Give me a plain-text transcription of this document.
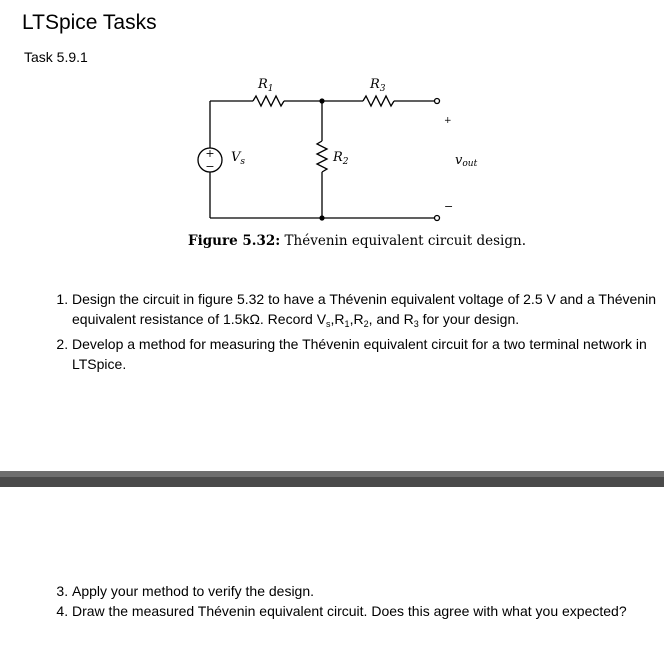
LTSpice Tasks
Task 5.9.1
+
−
$R_1$	$R_3$
$R_2$
$V_s$	vout
+
−
Figure 5.32: Thévenin equivalent circuit design.
1. Design the circuit in figure 5.32 to have a Thévenin equivalent voltage of 2.5 V and a Thévenin equivalent resistance of 1.5kΩ. Record $V_s,R_1,R_2$, and $R_3$ for your design.
2. Develop a method for measuring the Thévenin equivalent circuit for a two terminal network in LTSpice.
3. Apply your method to verify the design.
4. Draw the measured Thévenin equivalent circuit. Does this agree with what you expected?
